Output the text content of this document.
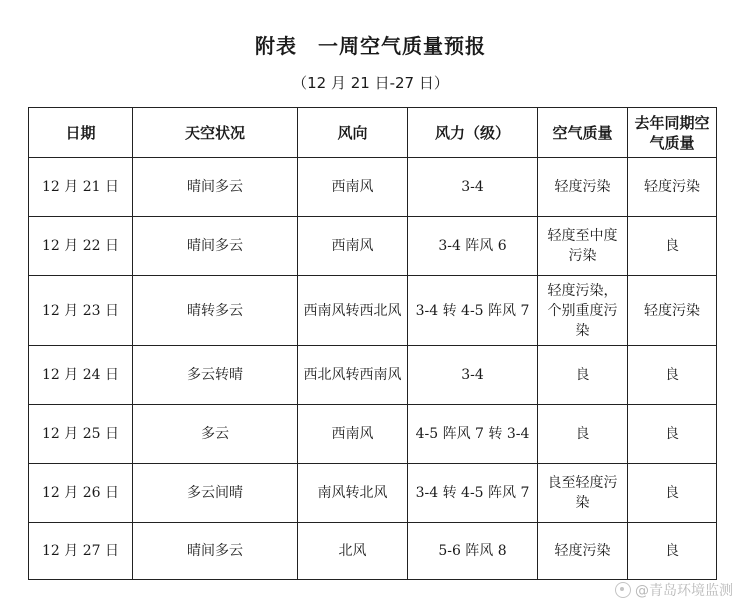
附表　一周空气质量预报
（12 月 21 日-27 日）
日期	天空状况	风向	风力（级）	空气质量	去年同期空气质量
12 月 21 日	晴间多云	西南风	3-4	轻度污染	轻度污染
12 月 22 日	晴间多云	西南风	3-4 阵风 6	轻度至中度污染	良
12 月 23 日	晴转多云	西南风转西北风	3-4 转 4-5 阵风 7	轻度污染，个别重度污染	轻度污染
12 月 24 日	多云转晴	西北风转西南风	3-4	良	良
12 月 25 日	多云	西南风	4-5 阵风 7 转 3-4	良	良
12 月 26 日	多云间晴	南风转北风	3-4 转 4-5 阵风 7	良至轻度污染	良
12 月 27 日	晴间多云	北风	5-6 阵风 8	轻度污染	良
@青岛环境监测
